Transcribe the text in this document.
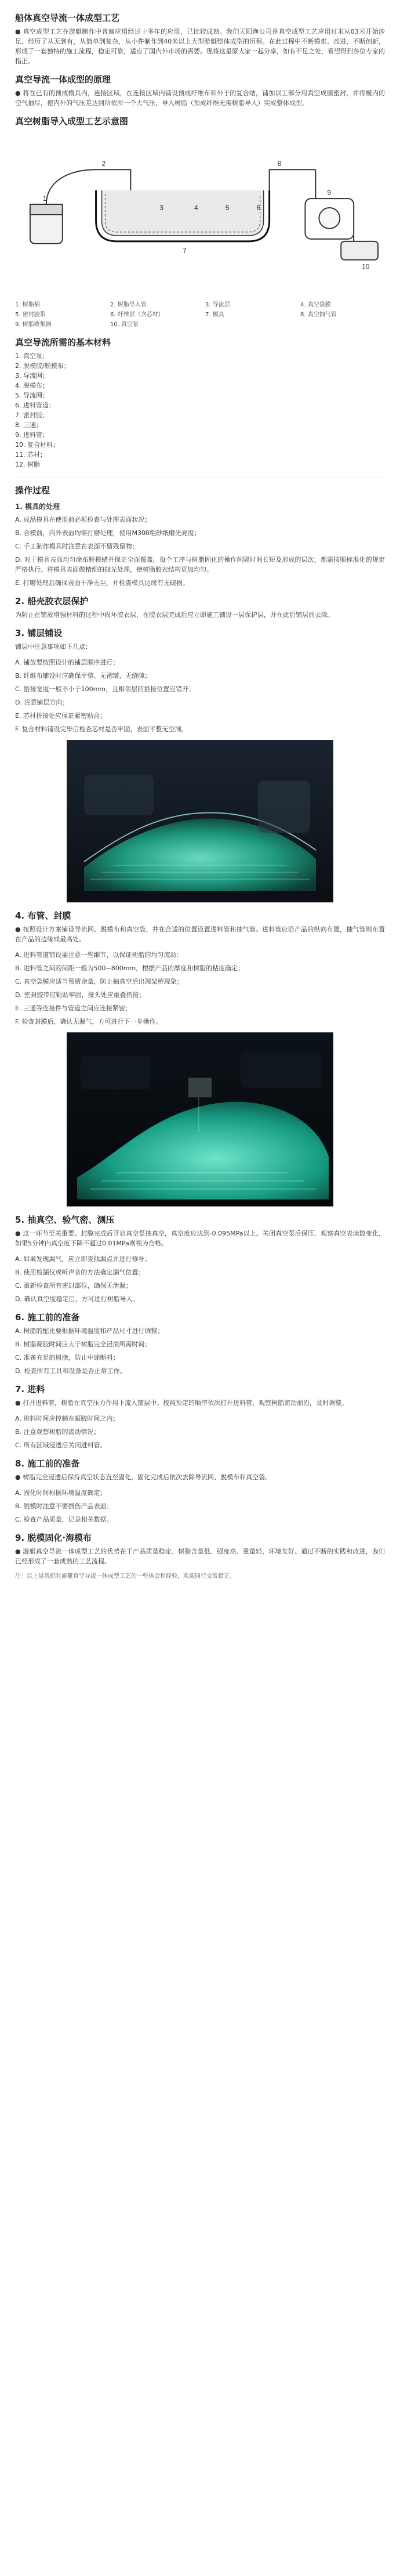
船体真空导流一体成型工艺

● 真空成型工艺在游艇制作中普遍应用经过十多年的应用，已比较成熟。我们天阳渔公司是真空成型工艺应用过米从03米开始涉足，经历了从无到有，从简单到复杂，从小件制作到40米以上大型游艇整体成型的历程。在此过程中不断摸索、改进，不断创新，形成了一套独特的施工流程，稳定可靠，适应了国内外市场的需要。现将这是原大家一起分享，如有不足之处，希望得到各位专家的指正。

真空导流一体成型的原理

● 将在已有的预成模具内，连接区域，在连接区域内铺设预成纤维布和外于的复合结，铺加以工部分用真空成膜密封，并将模内的空气抽尽，使内外的气压差达到所依所一个大气压，导入树脂（预成纤维无需树脂导入）实成整体成型。

真空树脂导入成型工艺示意图
1
2
3	4	5	6
8
9
10
7
1. 树脂桶	2. 树脂导入管	3. 导流层	4. 真空袋膜
5. 密封胶带	6. 纤维层（含芯材）	7. 模具	8. 真空抽气管
9. 树脂收集器	10. 真空泵
真空导流所需的基本材料
1. 真空泵；
2. 脱模胶/脱模布；
3. 导流网；
4. 脱模布；
5. 导流网；
6. 进料管道；
7. 密封胶；
8. 三通；
9. 进料管；
10. 复合材料；
11. 芯材；
12. 树脂
操作过程
1. 模具的处理

A. 成品模具在使用前必须检查与处理表面状况；

B. 合模前，内外表面均需打磨处理，使用M300粗砂纸磨光亮度；

C. 手工制作模具时注意在表面不留残留物；

D. 对于模具表面均匀涂布脱模蜡并保证全面覆盖。每个工序与树脂固化的操作间隔时间长短及形成的层次，都需按照标准化的规定严格执行。将模具表面做精细的抛光处理，使树脂胶衣结构更加均匀。

E. 打磨处理后确保表面干净无尘，并检查模具边缘有无破损。

2. 船壳胶衣层保护

为防止在铺放增强材料的过程中损坏胶衣层，在胶衣层完成后应立即施工铺设一层保护层，并在此后铺层前去除。

3. 铺层铺设

铺层中注意事项如下几点：

A. 铺放要按照设计的铺层顺序进行；

B. 纤维布铺设时应确保平整、无褶皱、无缝隙；

C. 搭接宽度一般不小于100mm，且相邻层的搭接位置应错开；

D. 注意铺层方向；

E. 芯材拼接处应保证紧密贴合；

F. 复合材料铺设完毕后检查芯材是否牢固，表面平整无空洞。

4. 布管、封膜

● 按照设计方案铺设导流网、脱模布和真空袋，并在合适的位置设置进料管和抽气管。进料管应沿产品的纵向布置，抽气管则布置在产品的边缘或最高处。

A. 进料管道铺设要注意一些细节，以保证树脂的均匀流动：

B. 进料管之间的间距一般为500~800mm，根据产品的厚度和树脂的粘度确定；

C. 真空袋膜应适当预留余量，防止抽真空后出现架桥现象；

D. 密封胶带应粘贴牢固，接头处应重叠搭接；

E. 三通等连接件与管道之间应连接紧密；

F. 检查封膜后，确认无漏气，方可进行下一步操作。

5. 抽真空、验气密、测压

● 这一环节至关重要。封膜完成后开启真空泵抽真空，真空度应达到-0.095MPa以上。关闭真空泵后保压，观察真空表读数变化，如果5分钟内真空度下降不超过0.01MPa则视为合格。

A. 如果发现漏气，应立即查找漏点并进行修补；

B. 使用检漏仪或听声音的方法确定漏气位置；

C. 重新检查所有密封部位，确保无泄漏；

D. 确认真空度稳定后，方可进行树脂导入。

6. 施工前的准备

A. 树脂的配比要根据环境温度和产品尺寸进行调整；

B. 树脂凝胶时间应大于树脂完全浸渍所需时间；

C. 准备充足的树脂，防止中途断料；

D. 检查所有工具和设备是否正常工作。

7. 进料

● 打开进料管，树脂在真空压力作用下流入铺层中。按照预定的顺序依次打开进料管，观察树脂流动前沿，及时调整。

A. 进料时间应控制在凝胶时间之内；

B. 注意观察树脂的流动情况；

C. 所有区域浸透后关闭进料管。

8. 施工前的准备

● 树脂完全浸透后保持真空状态直至固化，固化完成后依次去除导流网、脱模布和真空袋。

A. 固化时间根据环境温度确定；

B. 脱模时注意不要损伤产品表面；

C. 检查产品质量，记录相关数据。

9. 脱模固化·海模布

● 游艇真空导流一体成型工艺的优势在于产品质量稳定、树脂含量低、强度高、重量轻、环境友好。通过不断的实践和改进，我们已经形成了一套成熟的工艺流程。

注：以上是我们对游艇真空导流一体成型工艺的一些体会和经验，欢迎同行交流指正。
